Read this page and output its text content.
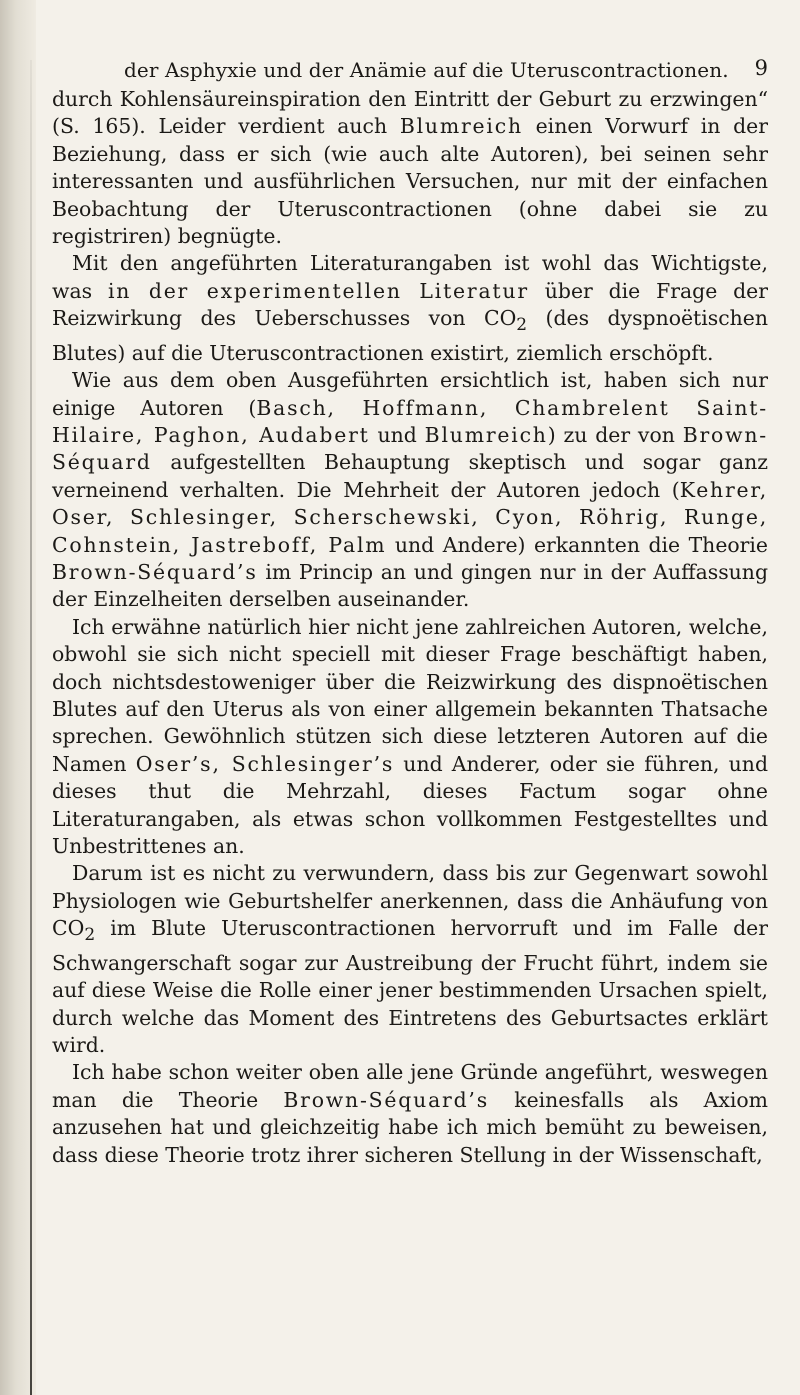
der Asphyxie und der Anämie auf die Uteruscontractionen. 9

durch Kohlensäureinspiration den Eintritt der Geburt zu erzwingen“ (S. 165). Leider verdient auch Blumreich einen Vorwurf in der Beziehung, dass er sich (wie auch alte Autoren), bei seinen sehr interessanten und ausführlichen Versuchen, nur mit der einfachen Beobachtung der Uteruscontractionen (ohne dabei sie zu registriren) begnügte.

Mit den angeführten Literaturangaben ist wohl das Wichtigste, was in der experimentellen Literatur über die Frage der Reizwirkung des Ueberschusses von $CO_2$ (des dyspnoëtischen Blutes) auf die Uteruscontractionen existirt, ziemlich erschöpft.

Wie aus dem oben Ausgeführten ersichtlich ist, haben sich nur einige Autoren (Basch, Hoffmann, Chambrelent Saint-Hilaire, Paghon, Audabert und Blumreich) zu der von Brown-Séquard aufgestellten Behauptung skeptisch und sogar ganz verneinend verhalten. Die Mehrheit der Autoren jedoch (Kehrer, Oser, Schlesinger, Scherschewski, Cyon, Röhrig, Runge, Cohnstein, Jastreboff, Palm und Andere) erkannten die Theorie Brown-Séquard’s im Princip an und gingen nur in der Auffassung der Einzelheiten derselben auseinander.

Ich erwähne natürlich hier nicht jene zahlreichen Autoren, welche, obwohl sie sich nicht speciell mit dieser Frage beschäftigt haben, doch nichtsdestoweniger über die Reizwirkung des dispnoëtischen Blutes auf den Uterus als von einer allgemein bekannten Thatsache sprechen. Gewöhnlich stützen sich diese letzteren Autoren auf die Namen Oser’s, Schlesinger’s und Anderer, oder sie führen, und dieses thut die Mehrzahl, dieses Factum sogar ohne Literaturangaben, als etwas schon vollkommen Festgestelltes und Unbestrittenes an.

Darum ist es nicht zu verwundern, dass bis zur Gegenwart sowohl Physiologen wie Geburtshelfer anerkennen, dass die Anhäufung von $CO_2$ im Blute Uteruscontractionen hervorruft und im Falle der Schwangerschaft sogar zur Austreibung der Frucht führt, indem sie auf diese Weise die Rolle einer jener bestimmenden Ursachen spielt, durch welche das Moment des Eintretens des Geburtsactes erklärt wird.

Ich habe schon weiter oben alle jene Gründe angeführt, weswegen man die Theorie Brown-Séquard’s keinesfalls als Axiom anzusehen hat und gleichzeitig habe ich mich bemüht zu beweisen, dass diese Theorie trotz ihrer sicheren Stellung in der Wissenschaft,
